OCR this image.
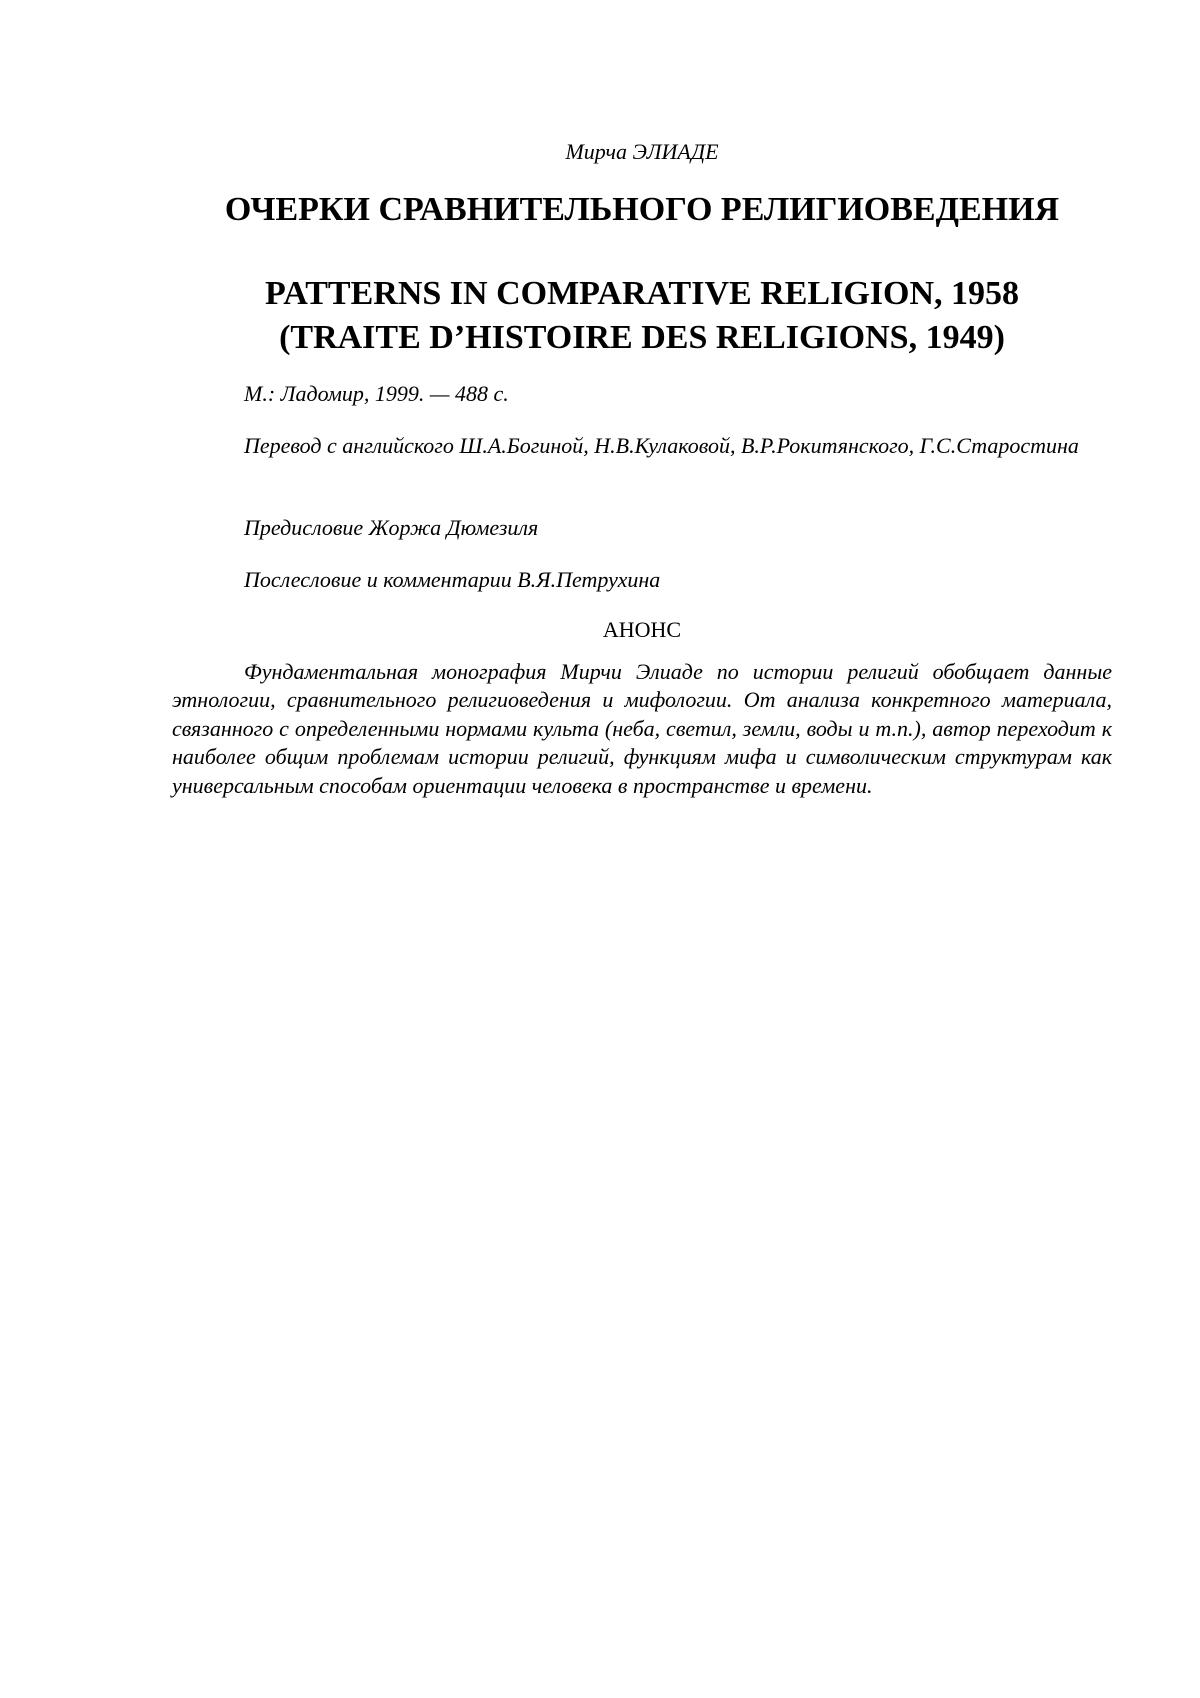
Мирча ЭЛИАДЕ
ОЧЕРКИ СРАВНИТЕЛЬНОГО РЕЛИГИОВЕДЕНИЯ
PATTERNS IN COMPARATIVE RELIGION, 1958
(TRAITE D’HISTOIRE DES RELIGIONS, 1949)

М.: Ладомир, 1999. — 488 с.

Перевод с английского Ш.А.Богиной, Н.В.Кулаковой, В.Р.Рокитянского, Г.С.Старостина

Предисловие Жоржа Дюмезиля

Послесловие и комментарии В.Я.Петрухина

АНОНС

Фундаментальная монография Мирчи Элиаде по истории религий обобщает данные этнологии, сравнительного религиоведения и мифологии. От анализа конкретного материала, связанного с определенными нормами культа (неба, светил, земли, воды и т.п.), автор переходит к наиболее общим проблемам истории религий, функциям мифа и символическим структурам как универсальным способам ориентации человека в пространстве и времени.
